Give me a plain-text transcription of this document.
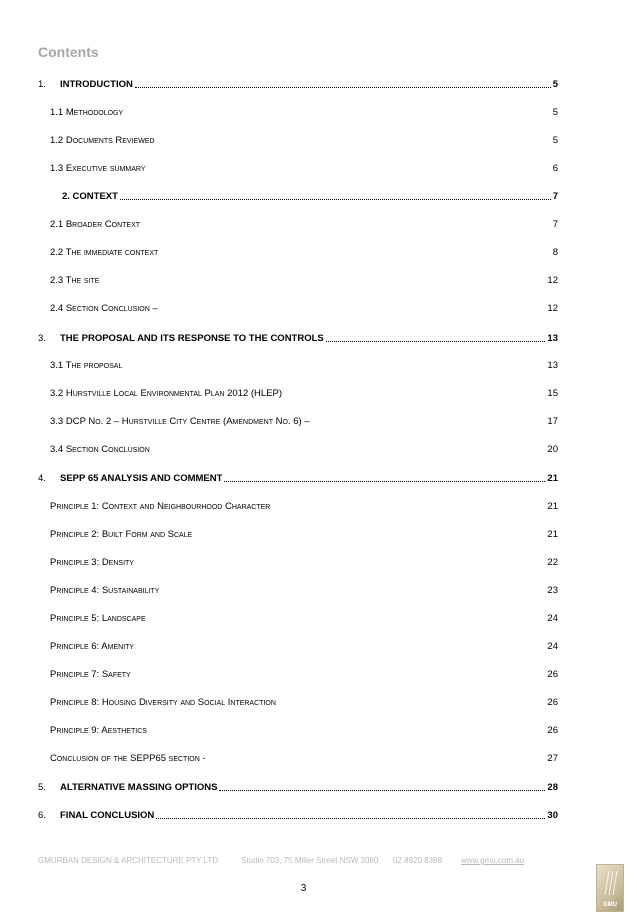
Contents
1.	INTRODUCTION	5
1.1 Methodology	5
1.2 Documents Reviewed	5
1.3 Executive summary	6
2. CONTEXT	7
2.1 Broader Context	7
2.2 The immediate context	8
2.3 The site	12
2.4 Section Conclusion –	12
3.	THE PROPOSAL AND ITS RESPONSE TO THE CONTROLS	13
3.1 The proposal	13
3.2 Hurstville Local Environmental Plan 2012 (HLEP)	15
3.3 DCP No. 2 – Hurstville City Centre (Amendment No. 6) –	17
3.4 Section Conclusion	20
4.	SEPP 65 ANALYSIS AND COMMENT	21
Principle 1: Context and Neighbourhood Character	21
Principle 2: Built Form and Scale	21
Principle 3: Density	22
Principle 4: Sustainability	23
Principle 5: Landscape	24
Principle 6: Amenity	24
Principle 7: Safety	26
Principle 8: Housing Diversity and Social Interaction	26
Principle 9: Aesthetics	26
Conclusion of the SEPP65 section -	27
5.	ALTERNATIVE MASSING OPTIONS	28
6.	FINAL CONCLUSION	30
GMURBAN DESIGN & ARCHITECTURE PTY LTD	Studio 703, 75 Miller Street NSW 2060 02 8920 8388 www.gmu.com.au
GMU
3
